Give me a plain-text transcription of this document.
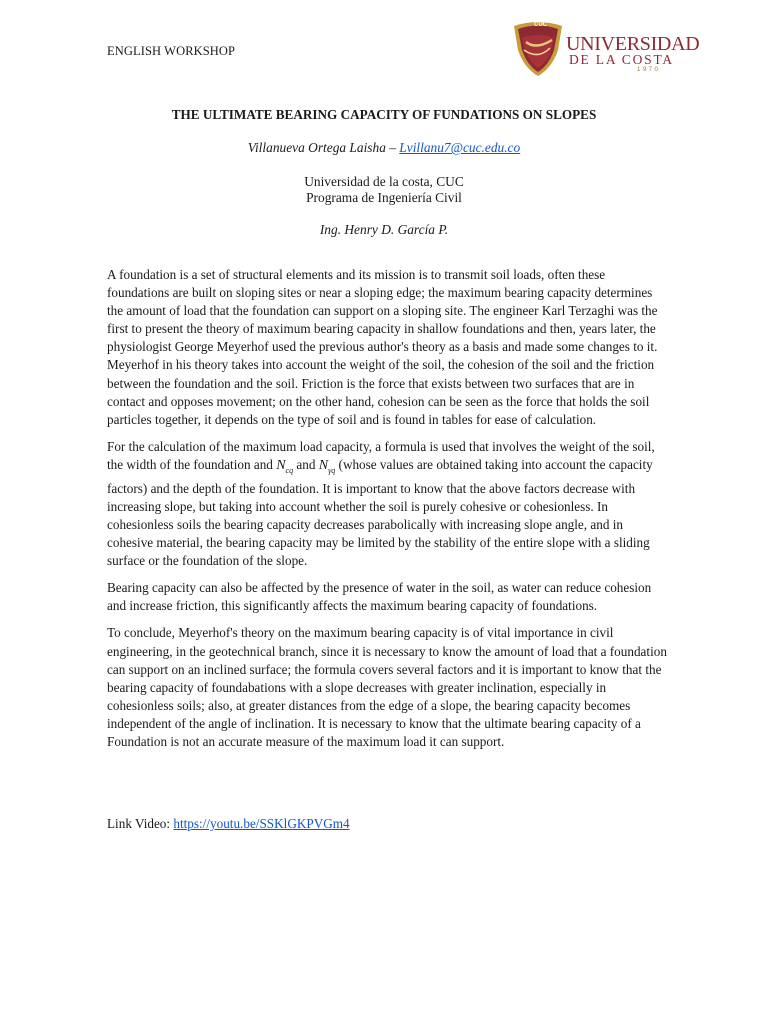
ENGLISH WORKSHOP
CUC
UNIVERSIDAD
DE LA COSTA
1970
THE ULTIMATE BEARING CAPACITY OF FUNDATIONS ON SLOPES
Villanueva Ortega Laisha – Lvillanu7@cuc.edu.co
Universidad de la costa, CUC
Programa de Ingeniería Civil
Ing. Henry D. García P.

A foundation is a set of structural elements and its mission is to transmit soil loads, often these foundations are built on sloping sites or near a sloping edge; the maximum bearing capacity determines the amount of load that the foundation can support on a sloping site. The engineer Karl Terzaghi was the first to present the theory of maximum bearing capacity in shallow foundations and then, years later, the physiologist George Meyerhof used the previous author's theory as a basis and made some changes to it. Meyerhof in his theory takes into account the weight of the soil, the cohesion of the soil and the friction between the foundation and the soil. Friction is the force that exists between two surfaces that are in contact and opposes movement; on the other hand, cohesion can be seen as the force that holds the soil particles together, it depends on the type of soil and is found in tables for ease of calculation.

For the calculation of the maximum load capacity, a formula is used that involves the weight of the soil, the width of the foundation and $N_{cq}$ and $N_{\gamma q}$ (whose values are obtained taking into account the capacity factors) and the depth of the foundation. It is important to know that the above factors decrease with increasing slope, but taking into account whether the soil is purely cohesive or cohesionless. In cohesionless soils the bearing capacity decreases parabolically with increasing slope angle, and in cohesive material, the bearing capacity may be limited by the stability of the entire slope with a sliding surface or the foundation of the slope.

Bearing capacity can also be affected by the presence of water in the soil, as water can reduce cohesion and increase friction, this significantly affects the maximum bearing capacity of foundations.

To conclude, Meyerhof's theory on the maximum bearing capacity is of vital importance in civil engineering, in the geotechnical branch, since it is necessary to know the amount of load that a foundation can support on an inclined surface; the formula covers several factors and it is important to know that the bearing capacity of foundabations with a slope decreases with greater inclination, especially in cohesionless soils; also, at greater distances from the edge of a slope, the bearing capacity becomes independent of the angle of inclination. It is necessary to know that the ultimate bearing capacity of a Foundation is not an accurate measure of the maximum load it can support.

Link Video: https://youtu.be/SSKlGKPVGm4
